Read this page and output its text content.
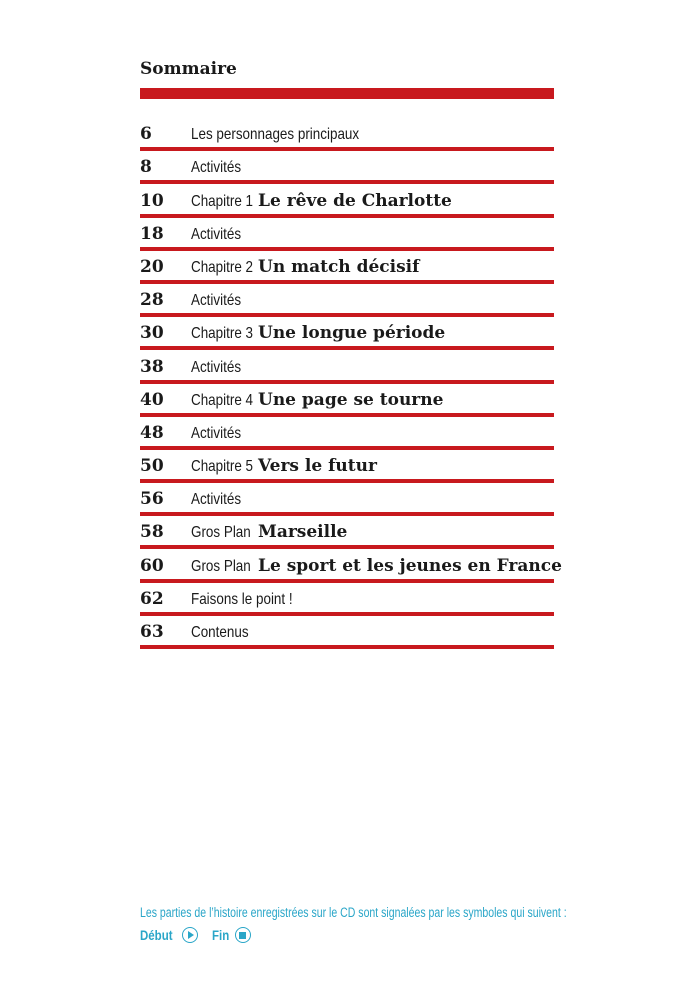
Sommaire
6	Les personnages principaux
8	Activités
10	Chapitre 1 Le rêve de Charlotte
18	Activités
20	Chapitre 2 Un match décisif
28	Activités
30	Chapitre 3 Une longue période
38	Activités
40	Chapitre 4 Une page se tourne
48	Activités
50	Chapitre 5 Vers le futur
56	Activités
58	Gros Plan Marseille
60	Gros Plan Le sport et les jeunes en France
62	Faisons le point !
63	Contenus
Les parties de l’histoire enregistrées sur le CD sont signalées par les symboles qui suivent :
Début	Fin
